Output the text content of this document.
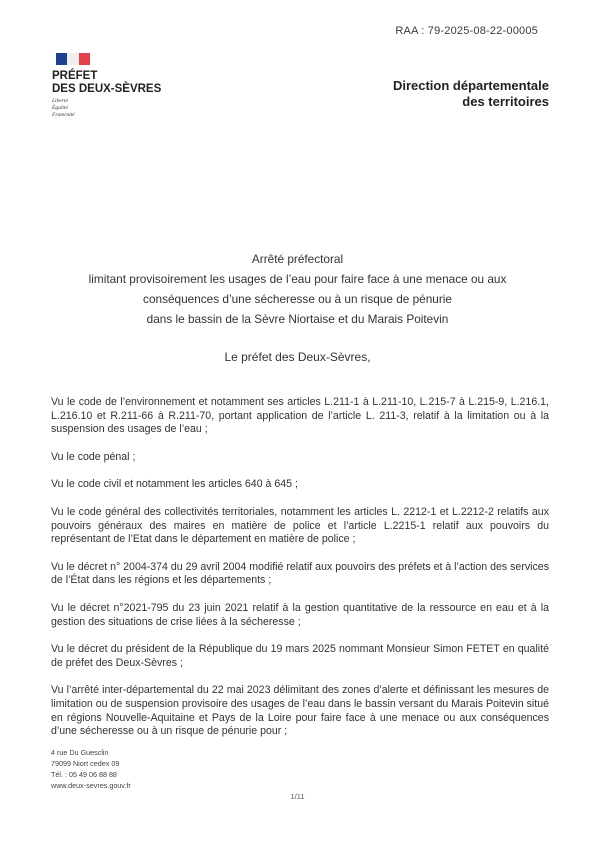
RAA : 79-2025-08-22-00005
PRÉFET
DES DEUX-SÈVRES
Liberté
Égalité
Fraternité
Direction départementale
des territoires
Arrêté préfectoral
limitant provisoirement les usages de l’eau pour faire face à une menace ou aux
conséquences d’une sécheresse ou à un risque de pénurie
dans le bassin de la Sèvre Niortaise et du Marais Poitevin
Le préfet des Deux-Sèvres,

Vu le code de l’environnement et notamment ses articles L.211-1 à L.211-10, L.215-7 à L.215-9, L.216.1, L.216.10 et R.211-66 à R.211-70, portant application de l’article L. 211-3, relatif à la limitation ou à la suspension des usages de l’eau ;

Vu le code pénal ;

Vu le code civil et notamment les articles 640 à 645 ;

Vu le code général des collectivités territoriales, notamment les articles L. 2212-1 et L.2212-2 relatifs aux pouvoirs généraux des maires en matière de police et l’article L.2215-1 relatif aux pouvoirs du représentant de l’Etat dans le département en matière de police ;

Vu le décret n° 2004-374 du 29 avril 2004 modifié relatif aux pouvoirs des préfets et à l’action des services de l’État dans les régions et les départements ;

Vu le décret n°2021-795 du 23 juin 2021 relatif à la gestion quantitative de la ressource en eau et à la gestion des situations de crise liées à la sécheresse ;

Vu le décret du président de la République du 19 mars 2025 nommant Monsieur Simon FETET en qualité de préfet des Deux-Sèvres ;

Vu l’arrêté inter-départemental du 22 mai 2023 délimitant des zones d’alerte et définissant les mesures de limitation ou de suspension provisoire des usages de l’eau dans le bassin versant du Marais Poitevin situé en régions Nouvelle-Aquitaine et Pays de la Loire pour faire face à une menace ou aux conséquences d’une sécheresse ou à un risque de pénurie pour ;

4 rue Du Guesclin
79099 Niort cedex 09
Tél. : 05 49 06 88 88
www.deux-sevres.gouv.fr
1/11
